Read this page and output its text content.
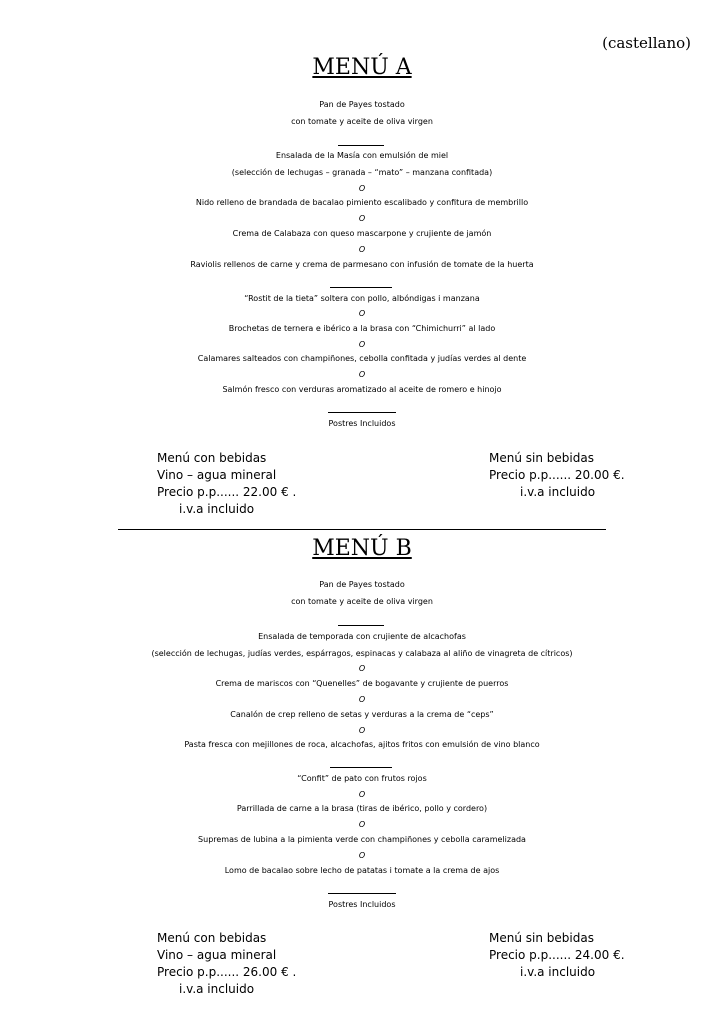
(castellano)
MENÚ A
Pan de Payes tostado
con tomate y aceite de oliva virgen
Ensalada de la Masía con emulsión de miel
(selección de lechugas – granada – “mato” – manzana confitada)
O
Nido relleno de brandada de bacalao pimiento escalibado y confitura de membrillo
O
Crema de Calabaza con queso mascarpone y crujiente de jamón
O
Raviolis rellenos de carne y crema de parmesano con infusión de tomate de la huerta
“Rostit de la tieta” soltera con pollo, albóndigas i manzana
O
Brochetas de ternera e ibérico a la brasa con “Chimichurri” al lado
O
Calamares salteados con champiñones, cebolla confitada y judías verdes al dente
O
Salmón fresco con verduras aromatizado al aceite de romero e hinojo
Postres Incluidos
Menú con bebidas
Vino – agua mineral
Precio p.p...... 22.00 € .
i.v.a incluido
Menú sin bebidas
Precio p.p...... 20.00 €.
i.v.a incluido
MENÚ B
Pan de Payes tostado
con tomate y aceite de oliva virgen
Ensalada de temporada con crujiente de alcachofas
(selección de lechugas, judías verdes, espárragos, espinacas y calabaza al aliño de vinagreta de cítricos)
O
Crema de mariscos con “Quenelles” de bogavante y crujiente de puerros
O
Canalón de crep relleno de setas y verduras a la crema de “ceps”
O
Pasta fresca con mejillones de roca, alcachofas, ajitos fritos con emulsión de vino blanco
“Confit” de pato con frutos rojos
O
Parrillada de carne a la brasa (tiras de ibérico, pollo y cordero)
O
Supremas de lubina a la pimienta verde con champiñones y cebolla caramelizada
O
Lomo de bacalao sobre lecho de patatas i tomate a la crema de ajos
Postres Incluidos
Menú con bebidas
Vino – agua mineral
Precio p.p...... 26.00 € .
i.v.a incluido
Menú sin bebidas
Precio p.p...... 24.00 €.
i.v.a incluido
